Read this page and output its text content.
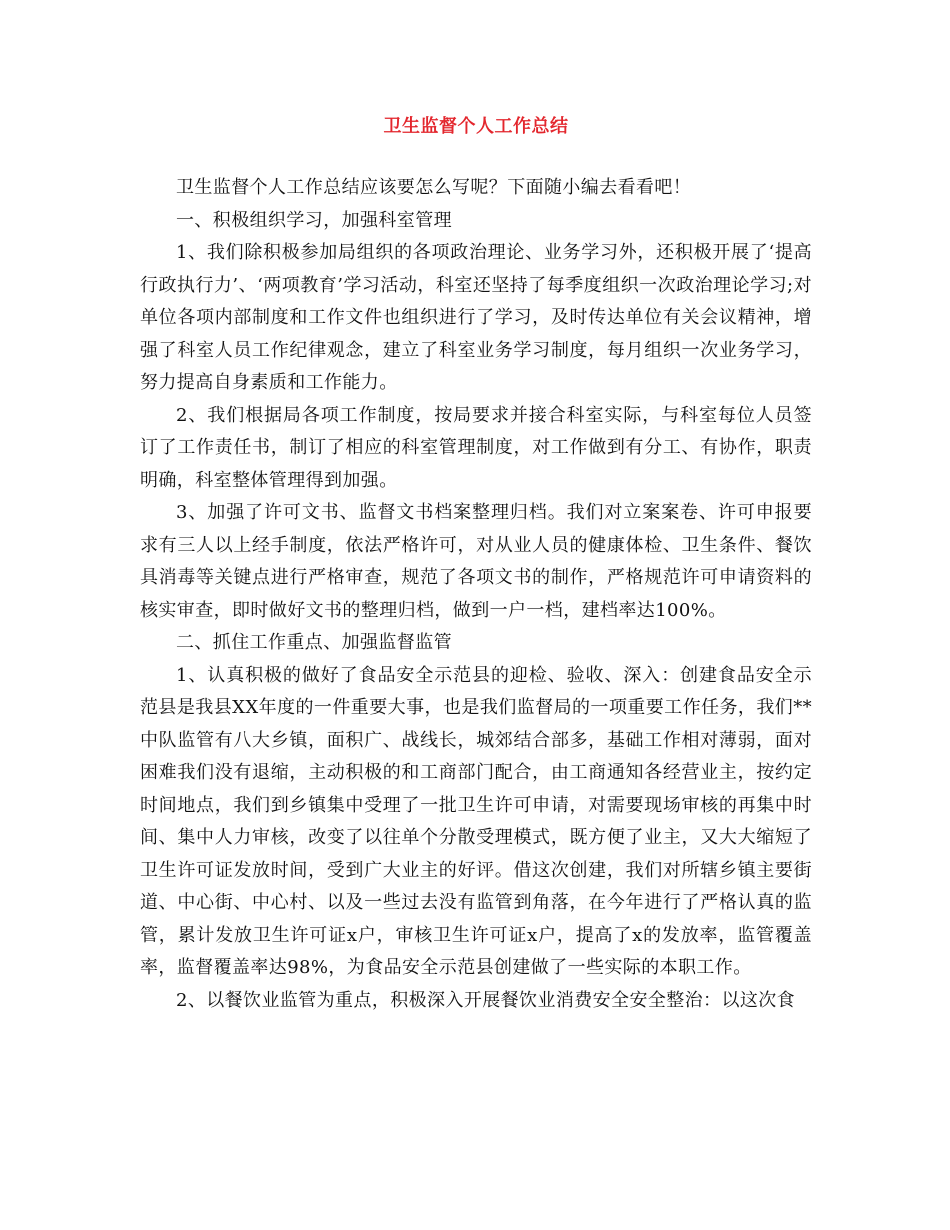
卫生监督个人工作总结

卫生监督个人工作总结应该要怎么写呢？下面随小编去看看吧！

一、积极组织学习，加强科室管理

1、我们除积极参加局组织的各项政治理论、业务学习外，还积极开展了‘提高行政执行力’、‘两项教育’学习活动，科室还坚持了每季度组织一次政治理论学习;对单位各项内部制度和工作文件也组织进行了学习，及时传达单位有关会议精神，增强了科室人员工作纪律观念，建立了科室业务学习制度，每月组织一次业务学习，努力提高自身素质和工作能力。

2、我们根据局各项工作制度，按局要求并接合科室实际，与科室每位人员签订了工作责任书，制订了相应的科室管理制度，对工作做到有分工、有协作，职责明确，科室整体管理得到加强。

3、加强了许可文书、监督文书档案整理归档。我们对立案案卷、许可申报要求有三人以上经手制度，依法严格许可，对从业人员的健康体检、卫生条件、餐饮具消毒等关键点进行严格审查，规范了各项文书的制作，严格规范许可申请资料的核实审查，即时做好文书的整理归档，做到一户一档，建档率达100%。

二、抓住工作重点、加强监督监管

1、认真积极的做好了食品安全示范县的迎检、验收、深入：创建食品安全示范县是我县XX年度的一件重要大事，也是我们监督局的一项重要工作任务，我们**中队监管有八大乡镇，面积广、战线长，城郊结合部多，基础工作相对薄弱，面对困难我们没有退缩，主动积极的和工商部门配合，由工商通知各经营业主，按约定时间地点，我们到乡镇集中受理了一批卫生许可申请，对需要现场审核的再集中时间、集中人力审核，改变了以往单个分散受理模式，既方便了业主，又大大缩短了卫生许可证发放时间，受到广大业主的好评。借这次创建，我们对所辖乡镇主要街道、中心街、中心村、以及一些过去没有监管到角落，在今年进行了严格认真的监管，累计发放卫生许可证x户，审核卫生许可证x户，提高了x的发放率，监管覆盖率，监督覆盖率达98%，为食品安全示范县创建做了一些实际的本职工作。

2、以餐饮业监管为重点，积极深入开展餐饮业消费安全安全整治：以这次食
